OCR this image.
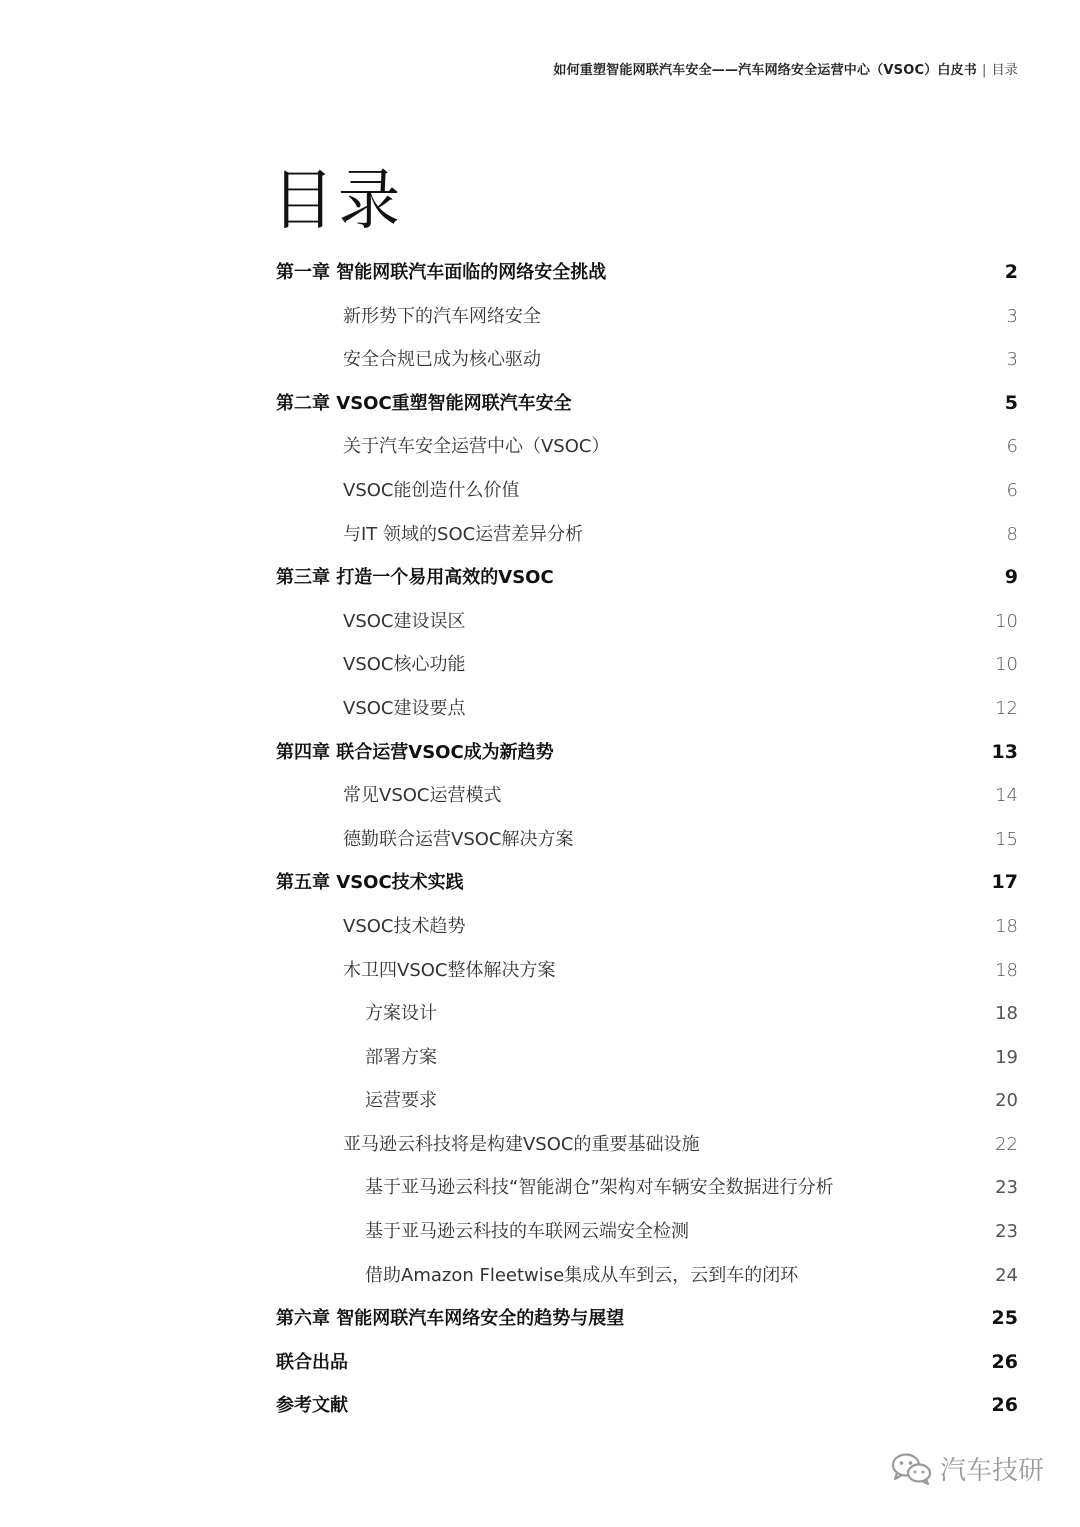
如何重塑智能网联汽车安全——汽车网络安全运营中心（VSOC）白皮书 | 目录
目录
第一章 智能网联汽车面临的网络安全挑战	2
新形势下的汽车网络安全	3
安全合规已成为核心驱动	3
第二章 VSOC重塑智能网联汽车安全	5
关于汽车安全运营中心（VSOC）	6
VSOC能创造什么价值	6
与IT 领域的SOC运营差异分析	8
第三章 打造一个易用高效的VSOC	9
VSOC建设误区	10
VSOC核心功能	10
VSOC建设要点	12
第四章 联合运营VSOC成为新趋势	13
常见VSOC运营模式	14
德勤联合运营VSOC解决方案	15
第五章 VSOC技术实践	17
VSOC技术趋势	18
木卫四VSOC整体解决方案	18
方案设计	18
部署方案	19
运营要求	20
亚马逊云科技将是构建VSOC的重要基础设施	22
基于亚马逊云科技“智能湖仓”架构对车辆安全数据进行分析	23
基于亚马逊云科技的车联网云端安全检测	23
借助Amazon Fleetwise集成从车到云，云到车的闭环	24
第六章 智能网联汽车网络安全的趋势与展望	25
联合出品	26
参考文献	26
汽车技研
